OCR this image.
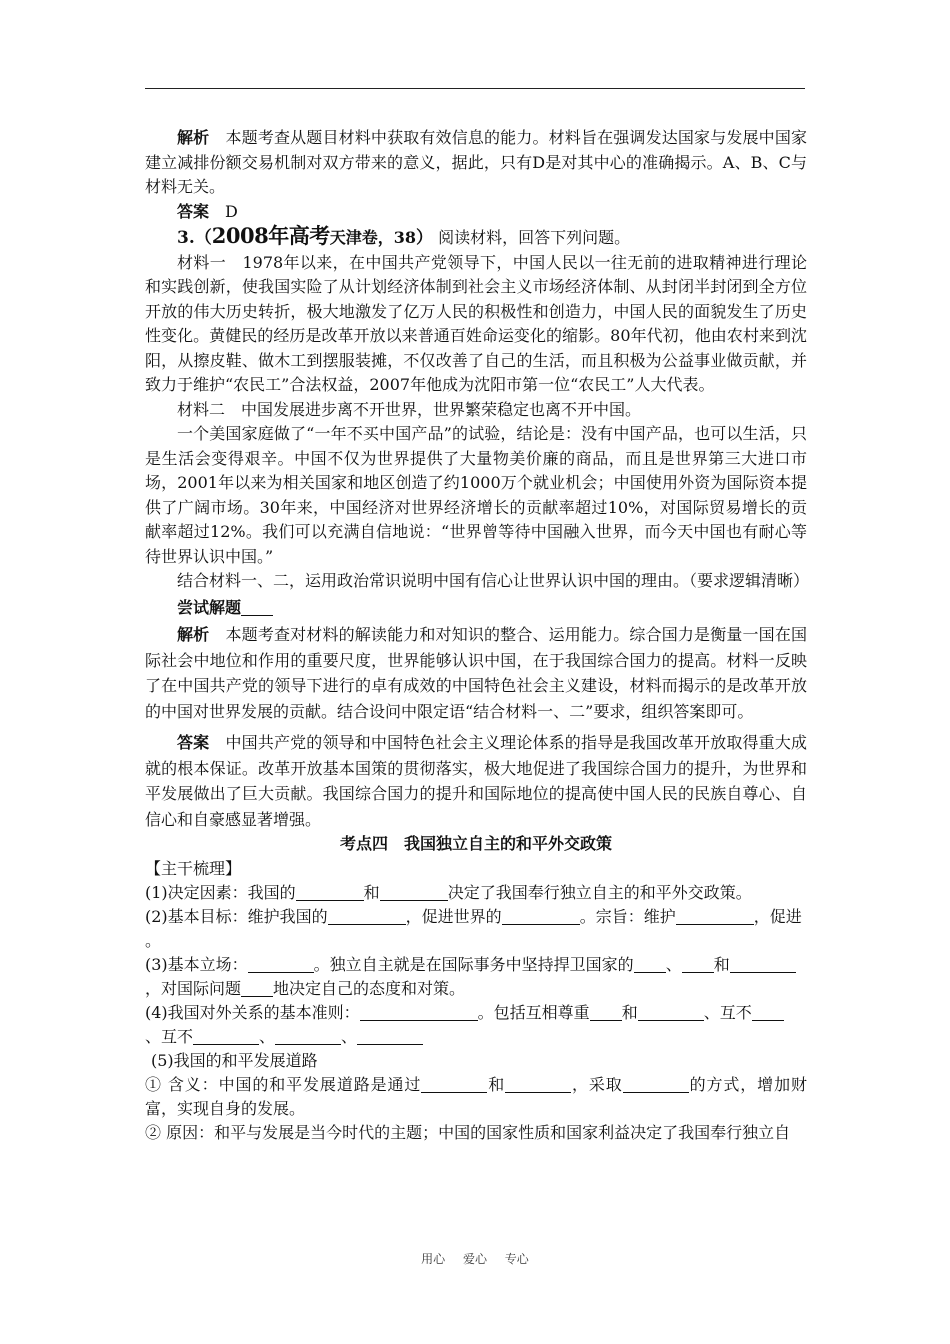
解析　 本题考查从题目材料中获取有效信息的能力。材料旨在强调发达国家与发展中国家建立减排份额交易机制对双方带来的意义，据此，只有D是对其中心的准确揭示。A、B、C与材料无关。

答案　 D

3.（2008年高考天津卷，38） 阅读材料，回答下列问题。

材料一　1978年以来，在中国共产党领导下，中国人民以一往无前的进取精神进行理论和实践创新，使我国实险了从计划经济体制到社会主义市场经济体制、从封闭半封闭到全方位开放的伟大历史转折，极大地激发了亿万人民的积极性和创造力，中国人民的面貌发生了历史性变化。黄健民的经历是改革开放以来普通百姓命运变化的缩影。80年代初，他由农村来到沈阳，从擦皮鞋、做木工到摆服装摊，不仅改善了自己的生活，而且积极为公益事业做贡献，并致力于维护“农民工”合法权益，2007年他成为沈阳市第一位“农民工”人大代表。

材料二　中国发展进步离不开世界，世界繁荣稳定也离不开中国。

一个美国家庭做了“一年不买中国产品”的试验，结论是：没有中国产品，也可以生活，只是生活会变得艰辛。中国不仅为世界提供了大量物美价廉的商品，而且是世界第三大进口市场，2001年以来为相关国家和地区创造了约1000万个就业机会；中国使用外资为国际资本提供了广阔市场。30年来，中国经济对世界经济增长的贡献率超过10%，对国际贸易增长的贡献率超过12%。我们可以充满自信地说：“世界曾等待中国融入世界，而今天中国也有耐心等待世界认识中国。”

结合材料一、二，运用政治常识说明中国有信心让世界认识中国的理由。（要求逻辑清晰）

尝试解题

解析　 本题考查对材料的解读能力和对知识的整合、运用能力。综合国力是衡量一国在国际社会中地位和作用的重要尺度，世界能够认识中国，在于我国综合国力的提高。材料一反映了在中国共产党的领导下进行的卓有成效的中国特色社会主义建设，材料而揭示的是改革开放的中国对世界发展的贡献。结合设问中限定语“结合材料一、二”要求，组织答案即可。

答案　 中国共产党的领导和中国特色社会主义理论体系的指导是我国改革开放取得重大成就的根本保证。改革开放基本国策的贯彻落实，极大地促进了我国综合国力的提升，为世界和平发展做出了巨大贡献。我国综合国力的提升和国际地位的提高使中国人民的民族自尊心、自信心和自豪感显著增强。

考点四　我国独立自主的和平外交政策

【主干梳理】

(1)决定因素：我国的	和	决定了我国奉行独立自主的和平外交政策。

(2)基本目标：维护我国的	，促进世界的	。宗旨：维护	，促进
。

(3)基本立场：	。独立自主就是在国际事务中坚持捍卫国家的 、 和
，对国际问题 地决定自己的态度和对策。

(4)我国对外关系的基本准则：	。包括互相尊重 和	、互不
、互不	、	、

(5)我国的和平发展道路

① 含义：中国的和平发展道路是通过	和	，采取	的方式，增加财富，实现自身的发展。

② 原因：和平与发展是当今时代的主题；中国的国家性质和国家利益决定了我国奉行独立自

用心 爱心 专心
